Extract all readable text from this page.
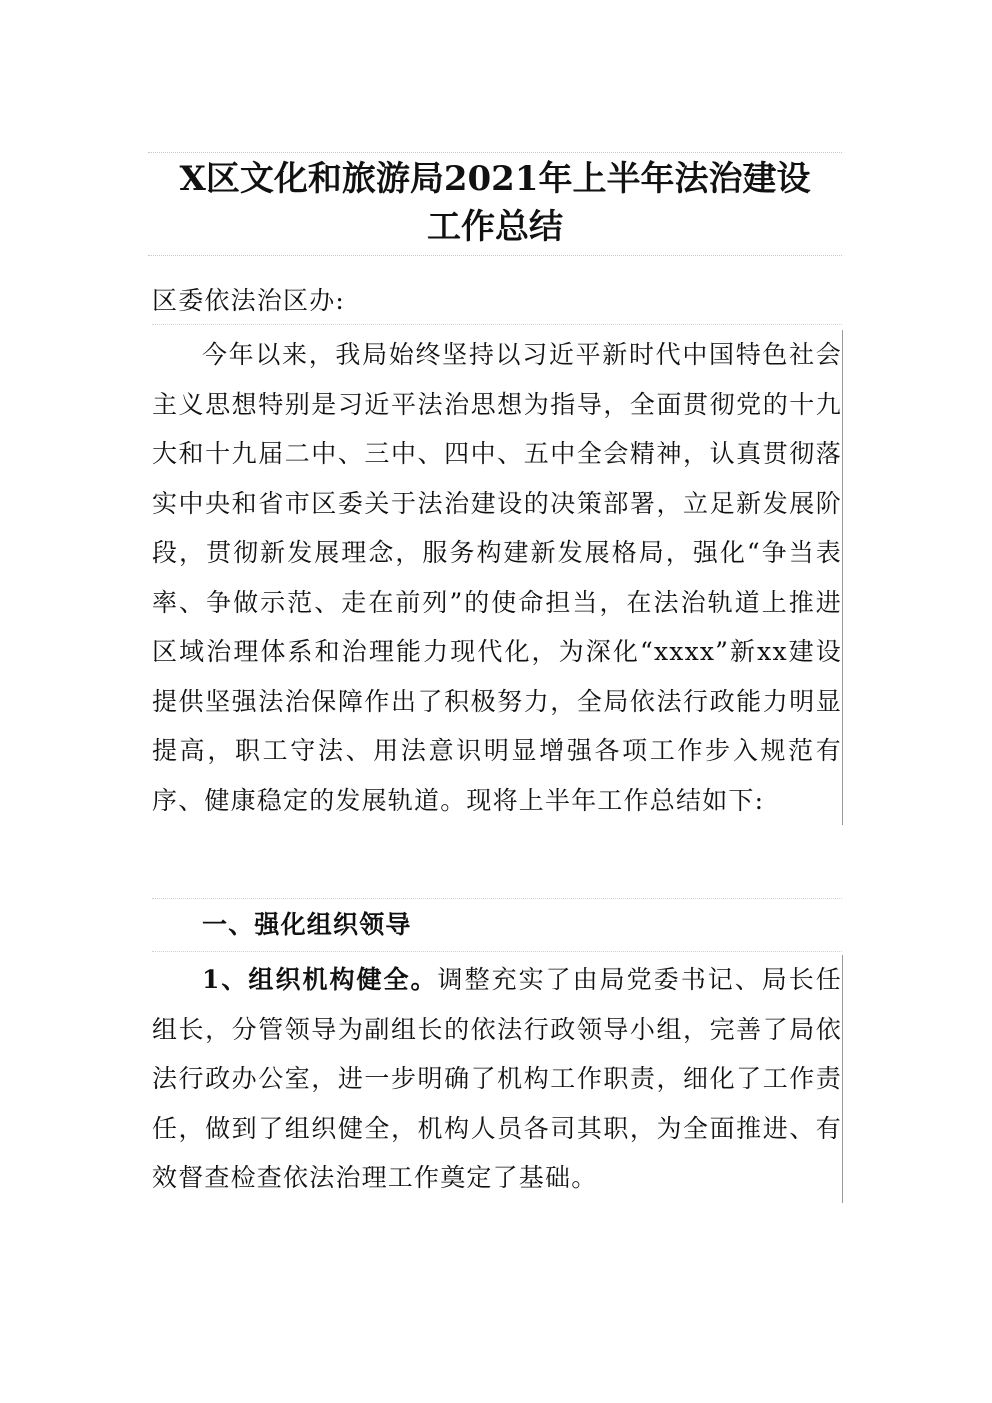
X区文化和旅游局2021年上半年法治建设
工作总结
区委依法治区办:
今年以来，我局始终坚持以习近平新时代中国特色社会主义思想特别是习近平法治思想为指导，全面贯彻党的十九大和十九届二中、三中、四中、五中全会精神，认真贯彻落实中央和省市区委关于法治建设的决策部署，立足新发展阶段，贯彻新发展理念，服务构建新发展格局，强化“争当表率、争做示范、走在前列”的使命担当，在法治轨道上推进区域治理体系和治理能力现代化，为深化“xxxx”新xx建设提供坚强法治保障作出了积极努力，全局依法行政能力明显提高，职工守法、用法意识明显增强各项工作步入规范有序、健康稳定的发展轨道。现将上半年工作总结如下:
一、强化组织领导
1、组织机构健全。调整充实了由局党委书记、局长任组长，分管领导为副组长的依法行政领导小组，完善了局依法行政办公室，进一步明确了机构工作职责，细化了工作责任，做到了组织健全，机构人员各司其职，为全面推进、有效督查检查依法治理工作奠定了基础。
